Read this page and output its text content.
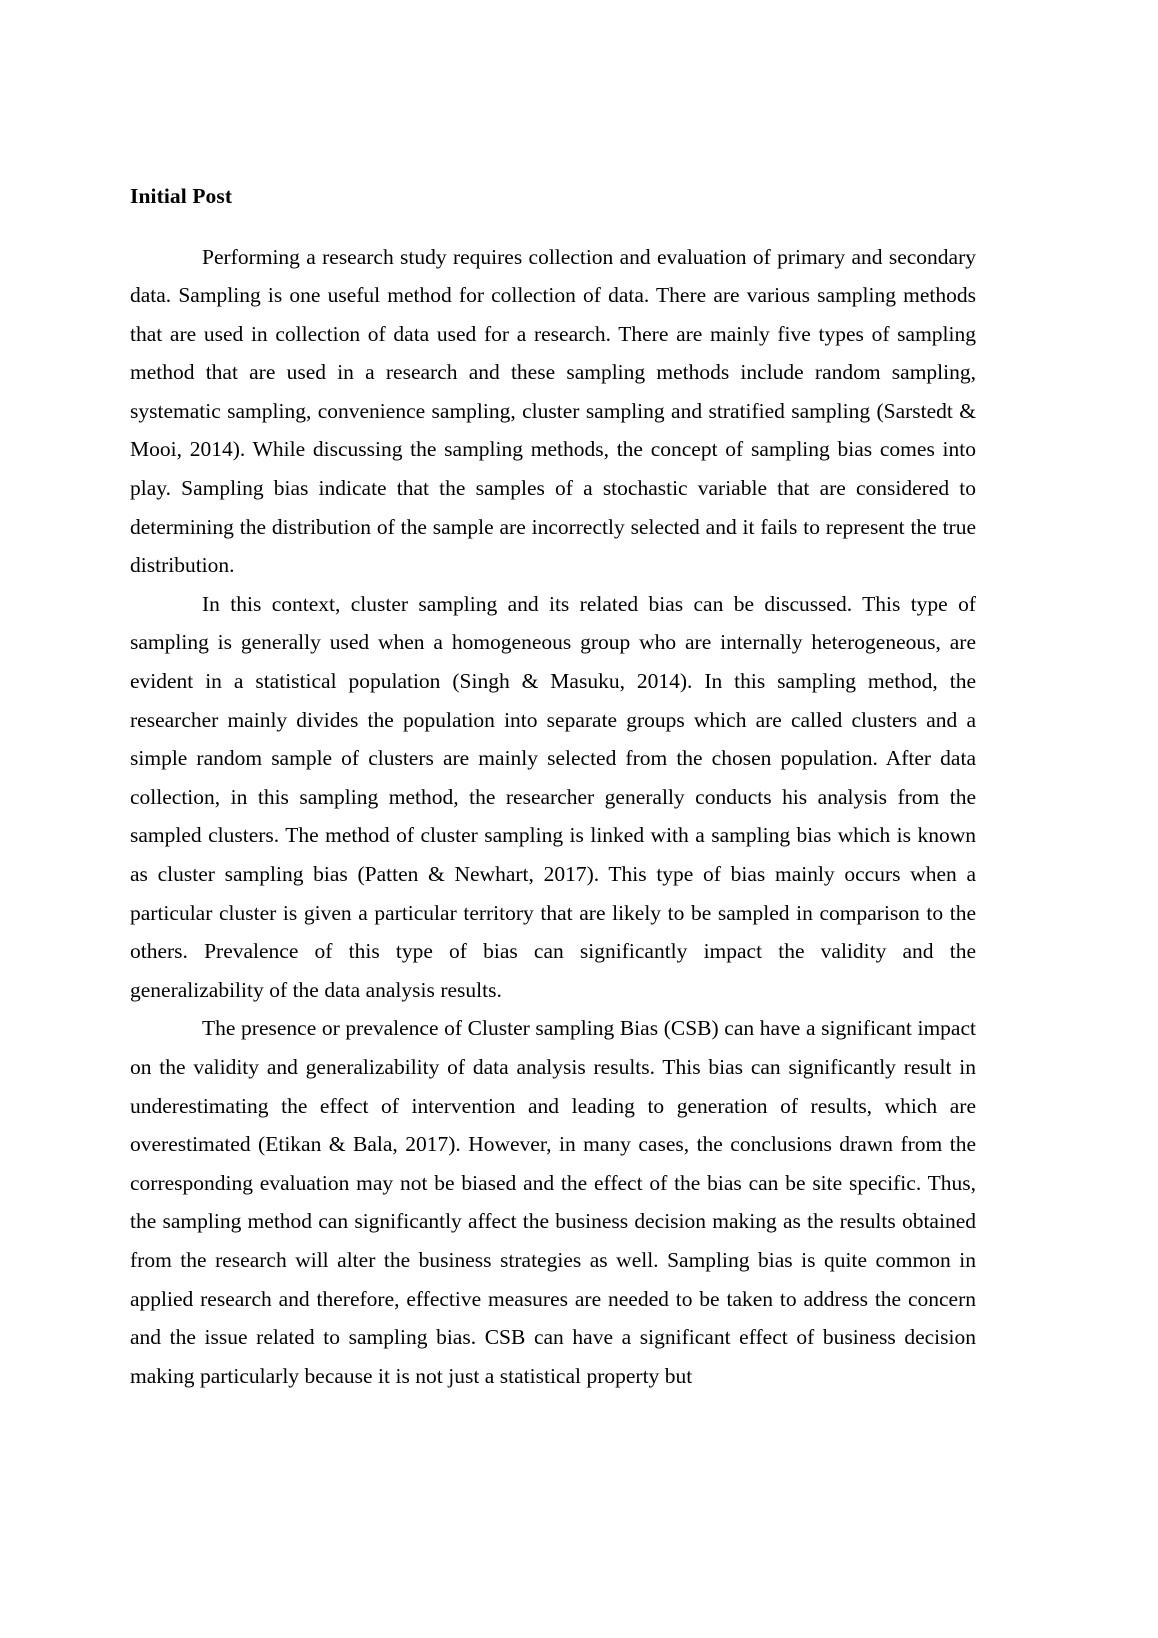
Initial Post

Performing a research study requires collection and evaluation of primary and secondary data. Sampling is one useful method for collection of data. There are various sampling methods that are used in collection of data used for a research. There are mainly five types of sampling method that are used in a research and these sampling methods include random sampling, systematic sampling, convenience sampling, cluster sampling and stratified sampling (Sarstedt & Mooi, 2014). While discussing the sampling methods, the concept of sampling bias comes into play. Sampling bias indicate that the samples of a stochastic variable that are considered to determining the distribution of the sample are incorrectly selected and it fails to represent the true distribution.

In this context, cluster sampling and its related bias can be discussed. This type of sampling is generally used when a homogeneous group who are internally heterogeneous, are evident in a statistical population (Singh & Masuku, 2014). In this sampling method, the researcher mainly divides the population into separate groups which are called clusters and a simple random sample of clusters are mainly selected from the chosen population. After data collection, in this sampling method, the researcher generally conducts his analysis from the sampled clusters. The method of cluster sampling is linked with a sampling bias which is known as cluster sampling bias (Patten & Newhart, 2017). This type of bias mainly occurs when a particular cluster is given a particular territory that are likely to be sampled in comparison to the others. Prevalence of this type of bias can significantly impact the validity and the generalizability of the data analysis results.

The presence or prevalence of Cluster sampling Bias (CSB) can have a significant impact on the validity and generalizability of data analysis results. This bias can significantly result in underestimating the effect of intervention and leading to generation of results, which are overestimated (Etikan & Bala, 2017). However, in many cases, the conclusions drawn from the corresponding evaluation may not be biased and the effect of the bias can be site specific. Thus, the sampling method can significantly affect the business decision making as the results obtained from the research will alter the business strategies as well. Sampling bias is quite common in applied research and therefore, effective measures are needed to be taken to address the concern and the issue related to sampling bias. CSB can have a significant effect of business decision making particularly because it is not just a statistical property but
